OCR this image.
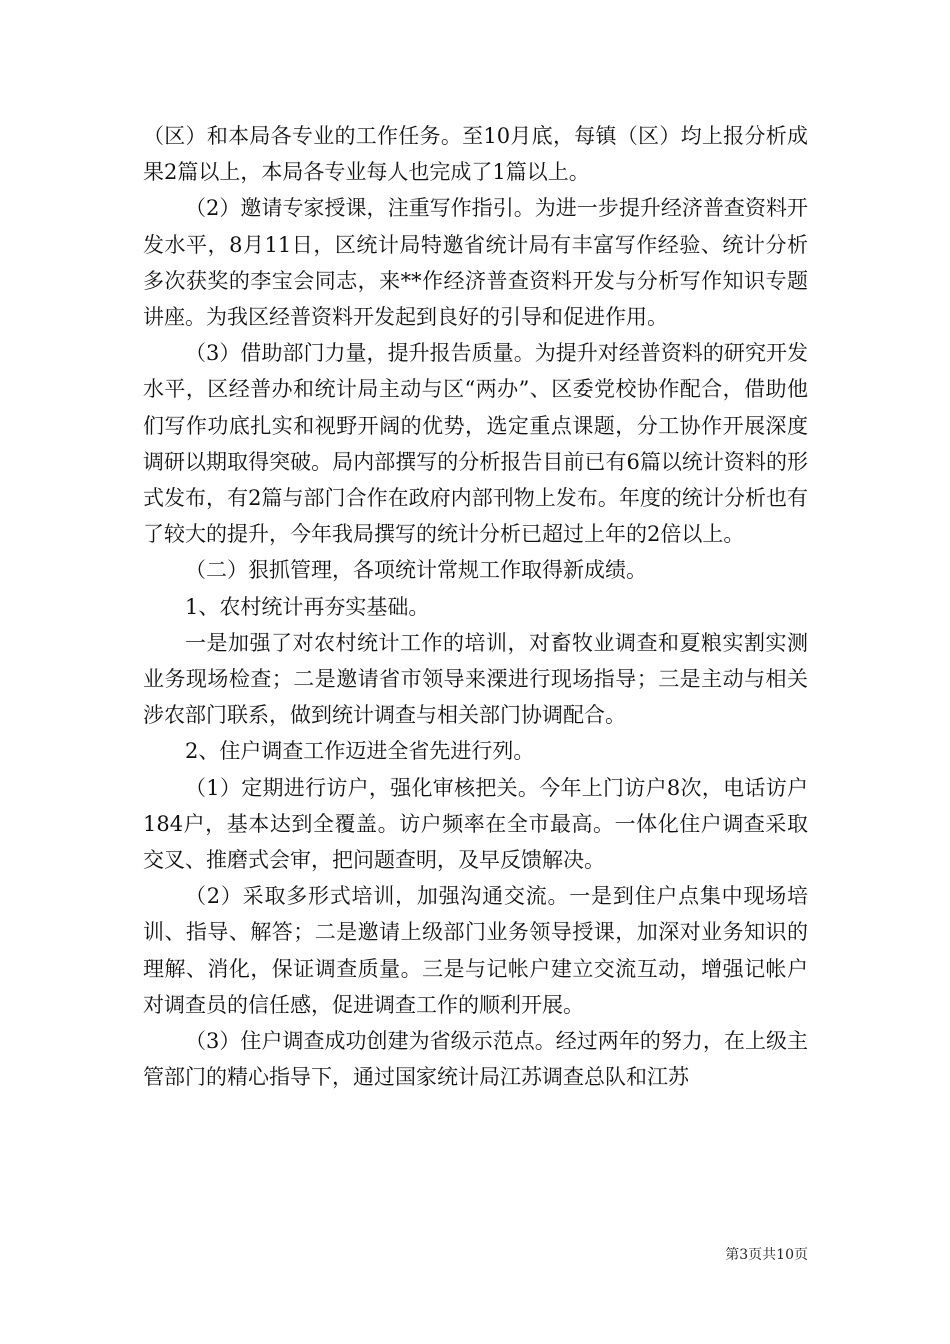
（区）和本局各专业的工作任务。至10月底，每镇（区）均上报分析成果2篇以上，本局各专业每人也完成了1篇以上。

（2）邀请专家授课，注重写作指引。为进一步提升经济普查资料开发水平，8月11日，区统计局特邀省统计局有丰富写作经验、统计分析多次获奖的李宝会同志，来**作经济普查资料开发与分析写作知识专题讲座。为我区经普资料开发起到良好的引导和促进作用。

（3）借助部门力量，提升报告质量。为提升对经普资料的研究开发水平，区经普办和统计局主动与区“两办”、区委党校协作配合，借助他们写作功底扎实和视野开阔的优势，选定重点课题，分工协作开展深度调研以期取得突破。局内部撰写的分析报告目前已有6篇以统计资料的形式发布，有2篇与部门合作在政府内部刊物上发布。年度的统计分析也有了较大的提升，今年我局撰写的统计分析已超过上年的2倍以上。

（二）狠抓管理，各项统计常规工作取得新成绩。

1、农村统计再夯实基础。

一是加强了对农村统计工作的培训，对畜牧业调查和夏粮实割实测业务现场检查；二是邀请省市领导来溧进行现场指导；三是主动与相关涉农部门联系，做到统计调查与相关部门协调配合。

2、住户调查工作迈进全省先进行列。

（1）定期进行访户，强化审核把关。今年上门访户8次，电话访户184户，基本达到全覆盖。访户频率在全市最高。一体化住户调查采取交叉、推磨式会审，把问题查明，及早反馈解决。

（2）采取多形式培训，加强沟通交流。一是到住户点集中现场培训、指导、解答；二是邀请上级部门业务领导授课，加深对业务知识的理解、消化，保证调查质量。三是与记帐户建立交流互动，增强记帐户对调查员的信任感，促进调查工作的顺利开展。

（3）住户调查成功创建为省级示范点。经过两年的努力，在上级主管部门的精心指导下，通过国家统计局江苏调查总队和江苏

第3页共10页
